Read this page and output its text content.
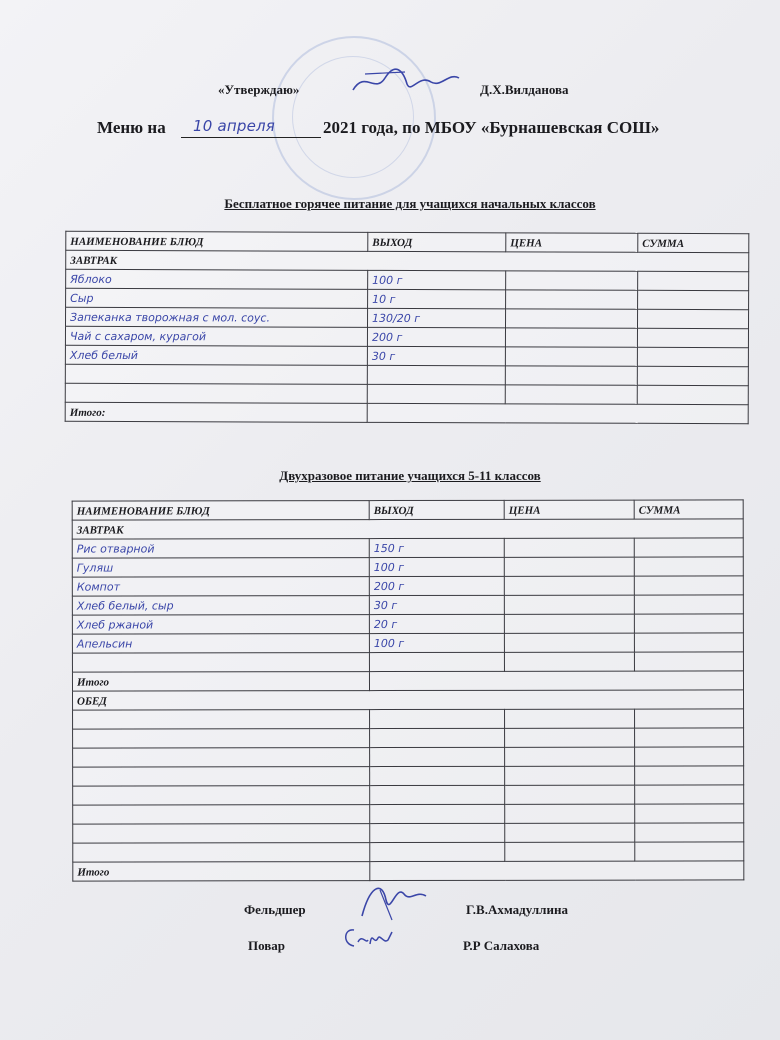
«Утверждаю»	Д.Х.Вилданова
Меню на 10 апреля	2021 года, по МБОУ «Бурнашевская СОШ»
Бесплатное горячее питание для учащихся начальных классов
НАИМЕНОВАНИЕ БЛЮД	ВЫХОД	ЦЕНА	СУММА
ЗАВТРАК			
Яблоко	100 г		
Сыр	10 г		
Запеканка творожная с мол. соус.	130/20 г		
Чай с сахаром, курагой	200 г		
Хлеб белый	30 г		

Итого:			
Двухразовое питание учащихся 5-11 классов
НАИМЕНОВАНИЕ БЛЮД	ВЫХОД	ЦЕНА	СУММА
ЗАВТРАК			
Рис отварной	150 г		
Гуляш	100 г		
Компот	200 г		
Хлеб белый, сыр	30 г		
Хлеб ржаной	20 г		
Апельсин	100 г		

Итого			
ОБЕД			

Итого			
Фельдшер	Г.В.Ахмадуллина
Повар	Р.Р Салахова
